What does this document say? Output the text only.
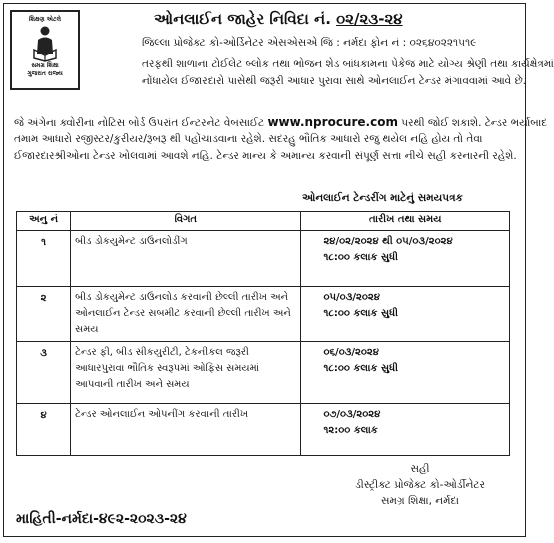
શિક્ષણ એટલે
સમગ્ર શિક્ષા
ગુજરાત રાજ્ય
ઓનલાઈન જાહેર નિવિદા નં. ૦૨/૨૩-૨૪
જિલ્લા પ્રોજેક્ટ કો-ઓર્ડિનેટર એસએસએ જિ : નર્મદા ફોન નં : ૦૨૬૪૦૨૨૧૫૧૯
તરફથી શાળાના ટોઈલેટ બ્લોક તથા ભોજન શેડ બાંધકામના પેકેજ માટે યોગ્ય શ્રેણી તથા કાર્યક્ષેત્રમાં
નોંધાયેલ ઈજારદારો પાસેથી જરૂરી આધાર પુરાવા સાથે ઓનલાઈન ટેન્ડર મંગાવવામાં આવે છે.
જે અંગેના ક્વોરીના નોટિસ બોર્ડ ઉપરાંત ઈન્ટરનેટ વેબસાઈટ www.nprocure.com પરથી જોઈ શકાશે. ટેન્ડર ભર્યાબાદ
તમામ આધારો રજીસ્ટર/કુરીયર/રૂબરૂ થી પહોંચાડવાના રહેશે. સદરહુ ભૌતિક આધારો રજુ થયેલ નહિ હોય તો તેવા
ઈજારદારશ્રીઓના ટેન્ડર ખોલવામાં આવશે નહિ. ટેન્ડર માન્ય કે અમાન્ય કરવાની સંપૂર્ણ સત્તા નીચે સહી કરનારની રહેશે.
ઓનલાઈન ટેન્ડરીંગ માટેનું સમયપત્રક
અનુ નં	વિગત	તારીખ તથા સમય
૧	બીડ ડોકયુમેન્ટ ડાઉનલોડીંગ	૨૪/૦૨/૨૦૨૪ થી ૦૫/૦૩/૨૦૨૪
૧૮:૦૦ કલાક સુધી

૨	બીડ ડોકયુમેન્ટ ડાઉનલોડ કરવાની છેલ્લી તારીખ અને ઓનલાઈન ટેન્ડર સબમીટ કરવાની છેલ્લી તારીખ અને સમય	૦૫/૦૩/૨૦૨૪
૧૮:૦૦ કલાક સુધી

૩	ટેન્ડર ફી, બીડ સીકયુરીટી, ટેકનીકલ જરૂરી આધારપુરાવા ભૌતિક સ્વરૂપમાં ઓફિસ સમયમાં આપવાની તારીખ અને સમય	૦૬/૦૩/૨૦૨૪
૧૮:૦૦ કલાક સુધી

૪	ટેન્ડર ઓનલાઈન ઓપનીંગ કરવાની તારીખ	૦૭/૦૩/૨૦૨૪
૧૨:૦૦ કલાક
સહી
ડીસ્ટ્રીક્ટ પ્રોજેક્ટ કો-ઓર્ડીનેટર
સમગ્ર શિક્ષા, નર્મદા
માહિતી-નર્મદા-૪૯૨-૨૦૨૩-૨૪
